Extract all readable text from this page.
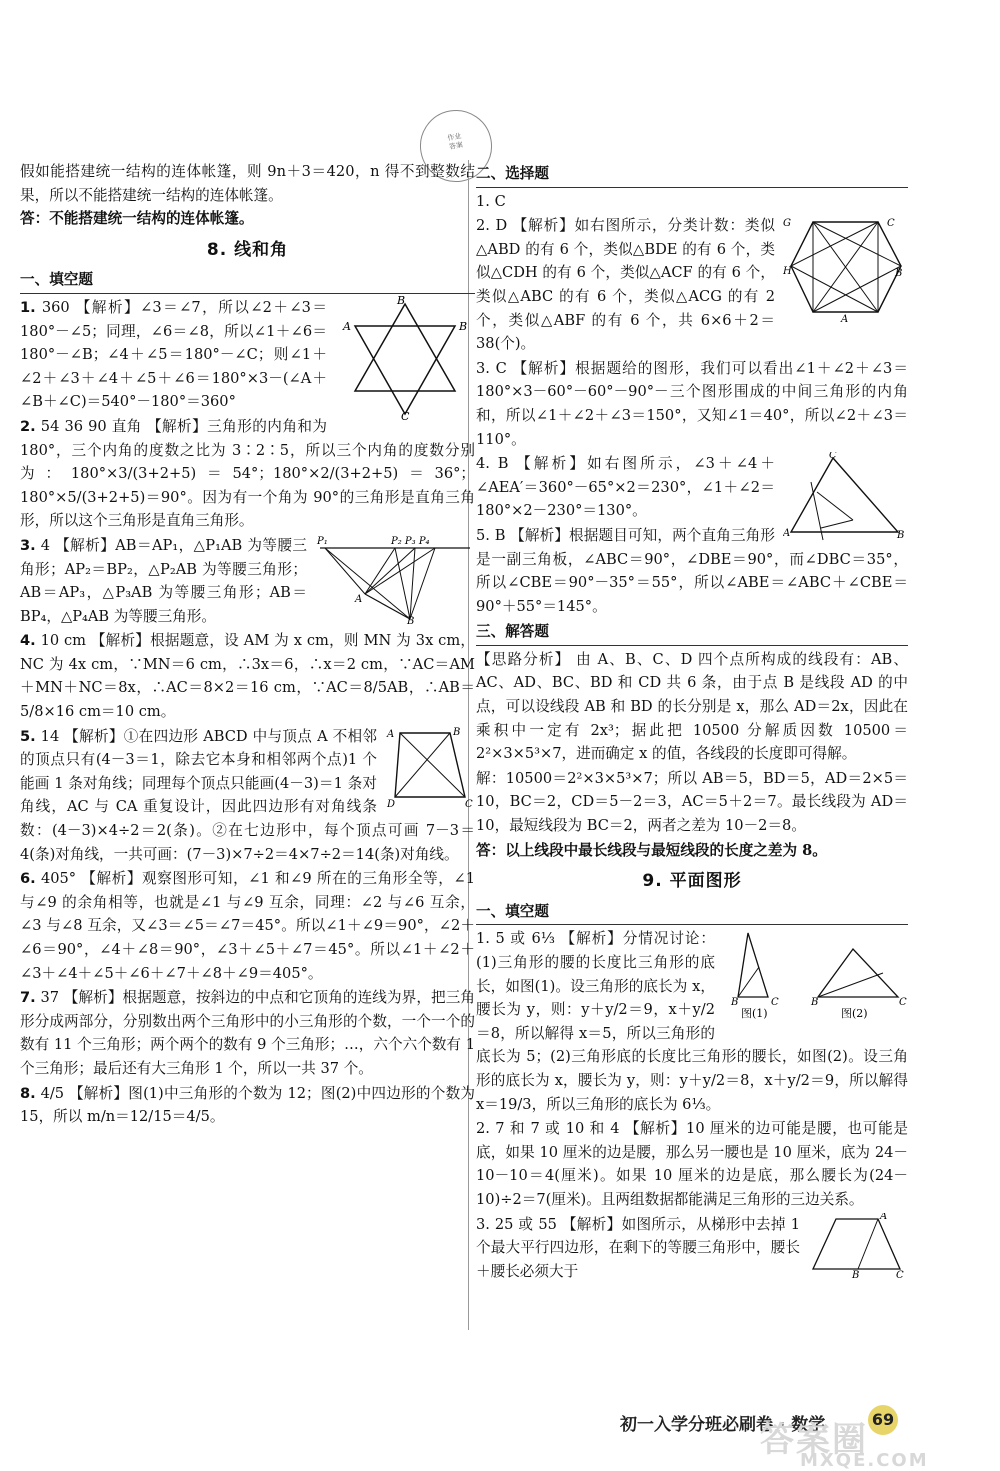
作业
答案

假如能搭建统一结构的连体帐篷，则 9n＋3＝420，n 得不到整数结果，所以不能搭建统一结构的连体帐篷。

答：不能搭建统一结构的连体帐篷。

8. 线和角
一、填空题
B
A	B
C
1. 360 【解析】∠3＝∠7，所以∠2＋∠3＝180°－∠5；同理，∠6＝∠8，所以∠1＋∠6＝180°－∠B；∠4＋∠5＝180°－∠C；则∠1＋∠2＋∠3＋∠4＋∠5＋∠6＝180°×3－(∠A＋∠B＋∠C)＝540°－180°＝360°
2. 54 36 90 直角 【解析】三角形的内角和为 180°，三个内角的度数之比为 3∶2∶5，所以三个内角的度数分别为：180°×3/(3+2+5)＝54°；180°×2/(3+2+5)＝36°；180°×5/(3+2+5)＝90°。因为有一个角为 90°的三角形是直角三角形，所以这个三角形是直角三角形。
P₁	P₂ P₃ P₄
A
B
3. 4 【解析】AB＝AP₁，△P₁AB 为等腰三角形；AP₂＝BP₂，△P₂AB 为等腰三角形；AB＝AP₃，△P₃AB 为等腰三角形；AB＝BP₄，△P₄AB 为等腰三角形。
4. 10 cm 【解析】根据题意，设 AM 为 x cm，则 MN 为 3x cm，NC 为 4x cm，∵MN＝6 cm，∴3x＝6，∴x＝2 cm，∵AC＝AM＋MN＋NC＝8x，∴AC＝8×2＝16 cm，∵AC＝8/5AB，∴AB＝5/8×16 cm＝10 cm。
A	B
D	C
5. 14 【解析】①在四边形 ABCD 中与顶点 A 不相邻的顶点只有(4－3＝1，除去它本身和相邻两个点)1 个能画 1 条对角线；同理每个顶点只能画(4－3)＝1 条对角线，AC 与 CA 重复设计，因此四边形有对角线条数：(4－3)×4÷2＝2(条)。②在七边形中，每个顶点可画 7－3＝4(条)对角线，一共可画：(7－3)×7÷2＝4×7÷2＝14(条)对角线。
6. 405° 【解析】观察图形可知，∠1 和∠9 所在的三角形全等，∠1 与∠9 的余角相等，也就是∠1 与∠9 互余，同理：∠2 与∠6 互余，∠3 与∠8 互余，又∠3＝∠5＝∠7＝45°。所以∠1＋∠9＝90°，∠2＋∠6＝90°，∠4＋∠8＝90°，∠3＋∠5＋∠7＝45°。所以∠1＋∠2＋∠3＋∠4＋∠5＋∠6＋∠7＋∠8＋∠9＝405°。
7. 37 【解析】根据题意，按斜边的中点和它顶角的连线为界，把三角形分成两部分，分别数出两个三角形中的小三角形的个数，一个一个的数有 11 个三角形；两个两个的数有 9 个三角形；…，六个六个数有 1 个三角形；最后还有大三角形 1 个，所以一共 37 个。
8. 4/5 【解析】图(1)中三角形的个数为 12；图(2)中四边形的个数为 15，所以 m/n＝12/15＝4/5。
二、选择题
1. C
G	C
H	B
A
2. D 【解析】如右图所示，分类计数：类似△ABD 的有 6 个，类似△BDE 的有 6 个，类似△CDH 的有 6 个，类似△ACF 的有 6 个，类似△ABC 的有 6 个，类似△ACG 的有 2 个，类似△ABF 的有 6 个，共 6×6＋2＝38(个)。
3. C 【解析】根据题给的图形，我们可以看出∠1＋∠2＋∠3＝180°×3－60°－60°－90°－三个图形围成的中间三角形的内角和，所以∠1＋∠2＋∠3＝150°，又知∠1＝40°，所以∠2＋∠3＝110°。
C
A	B
4. B 【解析】如右图所示，∠3＋∠4＋∠AEA′＝360°－65°×2＝230°，∠1＋∠2＝180°×2－230°＝130°。
5. B 【解析】根据题目可知，两个直角三角形是一副三角板，∠ABC＝90°，∠DBE＝90°，而∠DBC＝35°，所以∠CBE＝90°－35°＝55°，所以∠ABE＝∠ABC＋∠CBE＝90°＋55°＝145°。
三、解答题
【思路分析】 由 A、B、C、D 四个点所构成的线段有：AB、AC、AD、BC、BD 和 CD 共 6 条，由于点 B 是线段 AD 的中点，可以设线段 AB 和 BD 的长分别是 x，那么 AD＝2x，因此在乘积中一定有 2x³；据此把 10500 分解质因数 10500＝2²×3×5³×7，进而确定 x 的值，各线段的长度即可得解。
解：10500＝2²×3×5³×7；所以 AB＝5，BD＝5，AD＝2×5＝10，BC＝2，CD＝5－2＝3，AC＝5＋2＝7。最长线段为 AD＝10，最短线段为 BC＝2，两者之差为 10－2＝8。
答：以上线段中最长线段与最短线段的长度之差为 8。
9. 平面图形
一、填空题
B	C	B	C
图(1)	图(2)
1. 5 或 6⅓ 【解析】分情况讨论：(1)三角形的腰的长度比三角形的底长，如图(1)。设三角形的底长为 x，腰长为 y，则：y＋y/2＝9，x＋y/2＝8，所以解得 x＝5，所以三角形的底长为 5；(2)三角形底的长度比三角形的腰长，如图(2)。设三角形的底长为 x，腰长为 y，则：y＋y/2＝8，x＋y/2＝9，所以解得 x＝19/3，所以三角形的底长为 6⅓。
2. 7 和 7 或 10 和 4 【解析】10 厘米的边可能是腰，也可能是底，如果 10 厘米的边是腰，那么另一腰也是 10 厘米，底为 24－10－10＝4(厘米)。如果 10 厘米的边是底，那么腰长为(24－10)÷2＝7(厘米)。且两组数据都能满足三角形的三边关系。
A
B	C
3. 25 或 55 【解析】如图所示，从梯形中去掉 1 个最大平行四边形，在剩下的等腰三角形中，腰长＋腰长必须大于
初一入学分班必刷卷 · 数学	69
答案圈
MXQE.COM
